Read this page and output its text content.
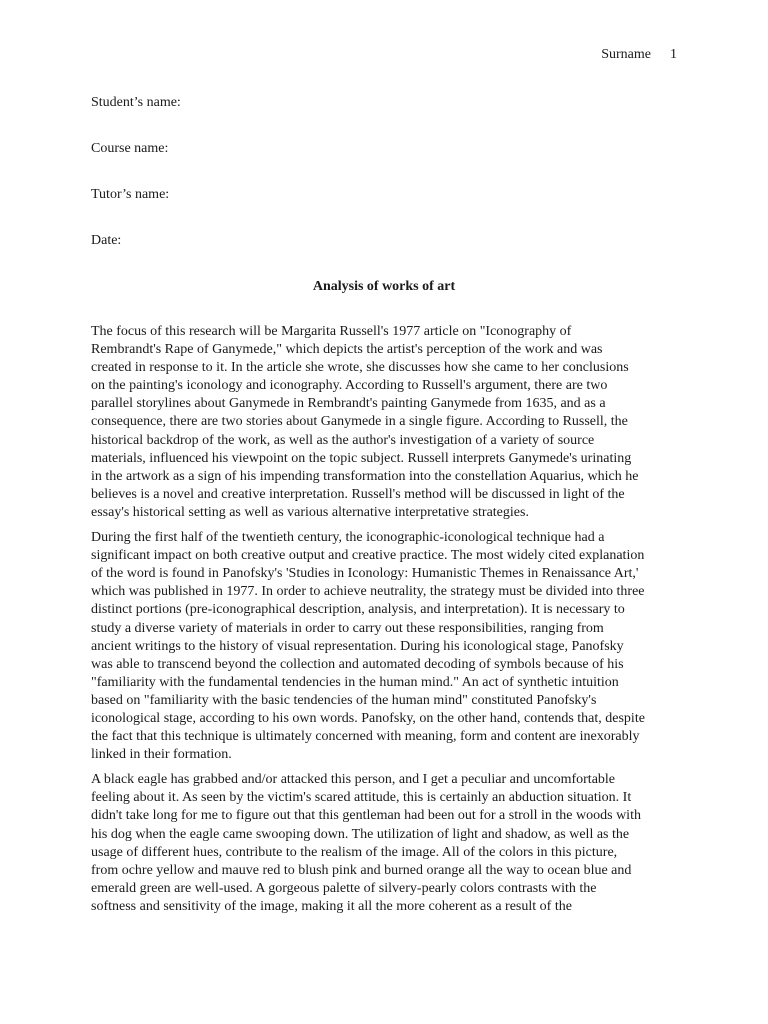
Surname 1
Student’s name:
Course name:
Tutor’s name:
Date:
Analysis of works of art

The focus of this research will be Margarita Russell's 1977 article on "Iconography of Rembrandt's Rape of Ganymede," which depicts the artist's perception of the work and was created in response to it. In the article she wrote, she discusses how she came to her conclusions on the painting's iconology and iconography. According to Russell's argument, there are two parallel storylines about Ganymede in Rembrandt's painting Ganymede from 1635, and as a consequence, there are two stories about Ganymede in a single figure. According to Russell, the historical backdrop of the work, as well as the author's investigation of a variety of source materials, influenced his viewpoint on the topic subject. Russell interprets Ganymede's urinating in the artwork as a sign of his impending transformation into the constellation Aquarius, which he believes is a novel and creative interpretation. Russell's method will be discussed in light of the essay's historical setting as well as various alternative interpretative strategies.

During the first half of the twentieth century, the iconographic-iconological technique had a significant impact on both creative output and creative practice. The most widely cited explanation of the word is found in Panofsky's 'Studies in Iconology: Humanistic Themes in Renaissance Art,' which was published in 1977. In order to achieve neutrality, the strategy must be divided into three distinct portions (pre-iconographical description, analysis, and interpretation). It is necessary to study a diverse variety of materials in order to carry out these responsibilities, ranging from ancient writings to the history of visual representation. During his iconological stage, Panofsky was able to transcend beyond the collection and automated decoding of symbols because of his "familiarity with the fundamental tendencies in the human mind." An act of synthetic intuition based on "familiarity with the basic tendencies of the human mind" constituted Panofsky's iconological stage, according to his own words. Panofsky, on the other hand, contends that, despite the fact that this technique is ultimately concerned with meaning, form and content are inexorably linked in their formation.

A black eagle has grabbed and/or attacked this person, and I get a peculiar and uncomfortable feeling about it. As seen by the victim's scared attitude, this is certainly an abduction situation. It didn't take long for me to figure out that this gentleman had been out for a stroll in the woods with his dog when the eagle came swooping down. The utilization of light and shadow, as well as the usage of different hues, contribute to the realism of the image. All of the colors in this picture, from ochre yellow and mauve red to blush pink and burned orange all the way to ocean blue and emerald green are well-used. A gorgeous palette of silvery-pearly colors contrasts with the softness and sensitivity of the image, making it all the more coherent as a result of the
